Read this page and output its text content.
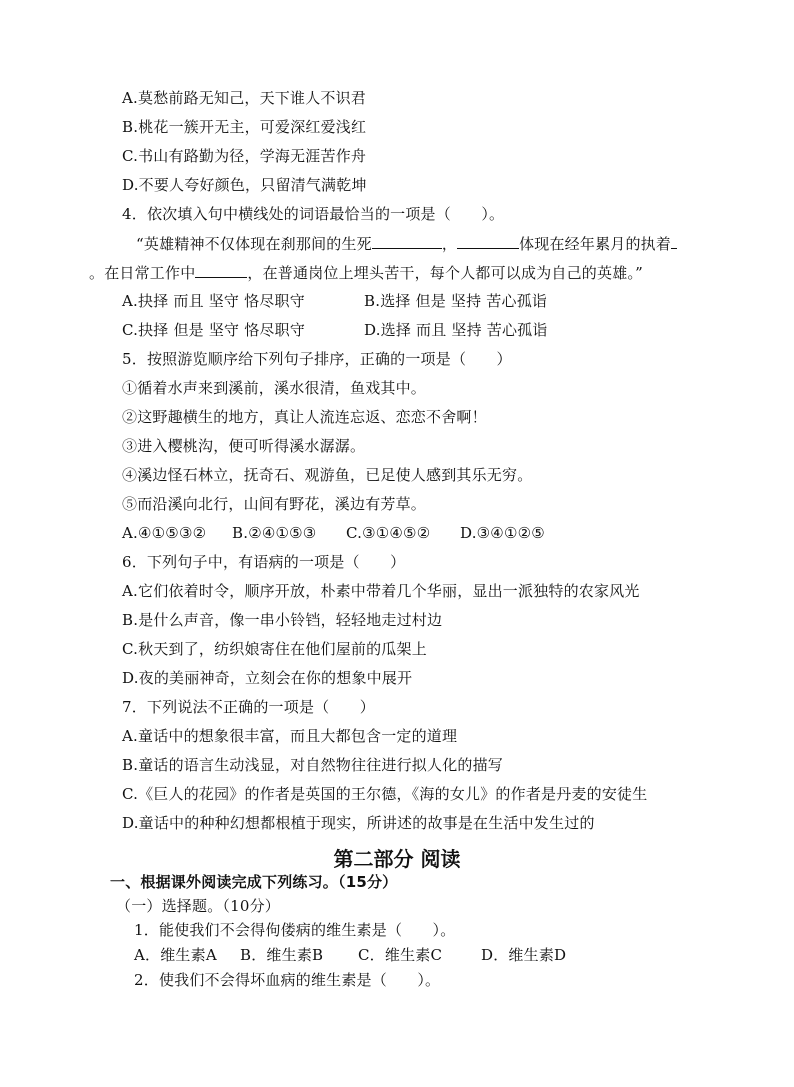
A.莫愁前路无知己，天下谁人不识君
B.桃花一簇开无主，可爱深红爱浅红
C.书山有路勤为径，学海无涯苦作舟
D.不要人夸好颜色，只留清气满乾坤
4．依次填入句中横线处的词语最恰当的一项是（　　）。
“英雄精神不仅体现在刹那间的生死	，	体现在经年累月的执着
。在日常工作中	，在普通岗位上埋头苦干，每个人都可以成为自己的英雄。”
A.抉择 而且 坚守 恪尽职守	B.选择 但是 坚持 苦心孤诣
C.抉择 但是 坚守 恪尽职守	D.选择 而且 坚持 苦心孤诣
5．按照游览顺序给下列句子排序，正确的一项是（　　）
①循着水声来到溪前，溪水很清，鱼戏其中。
②这野趣横生的地方，真让人流连忘返、恋恋不舍啊！
③进入樱桃沟，便可听得溪水潺潺。
④溪边怪石林立，抚奇石、观游鱼，已足使人感到其乐无穷。
⑤而沿溪向北行，山间有野花，溪边有芳草。
A.④①⑤③② B.②④①⑤③ C.③①④⑤② D.③④①②⑤
6．下列句子中，有语病的一项是（　　）
A.它们依着时令，顺序开放，朴素中带着几个华丽，显出一派独特的农家风光
B.是什么声音，像一串小铃铛，轻轻地走过村边
C.秋天到了，纺织娘寄住在他们屋前的瓜架上
D.夜的美丽神奇，立刻会在你的想象中展开
7．下列说法不正确的一项是（　　）
A.童话中的想象很丰富，而且大都包含一定的道理
B.童话的语言生动浅显，对自然物往往进行拟人化的描写
C.《巨人的花园》的作者是英国的王尔德，《海的女儿》的作者是丹麦的安徒生
D.童话中的种种幻想都根植于现实，所讲述的故事是在生活中发生过的
第二部分 阅读
一、根据课外阅读完成下列练习。（15分）
（一）选择题。（10分）
1．能使我们不会得佝偻病的维生素是（　　）。
A．维生素A B．维生素B C．维生素C	D．维生素D
2．使我们不会得坏血病的维生素是（　　）。
